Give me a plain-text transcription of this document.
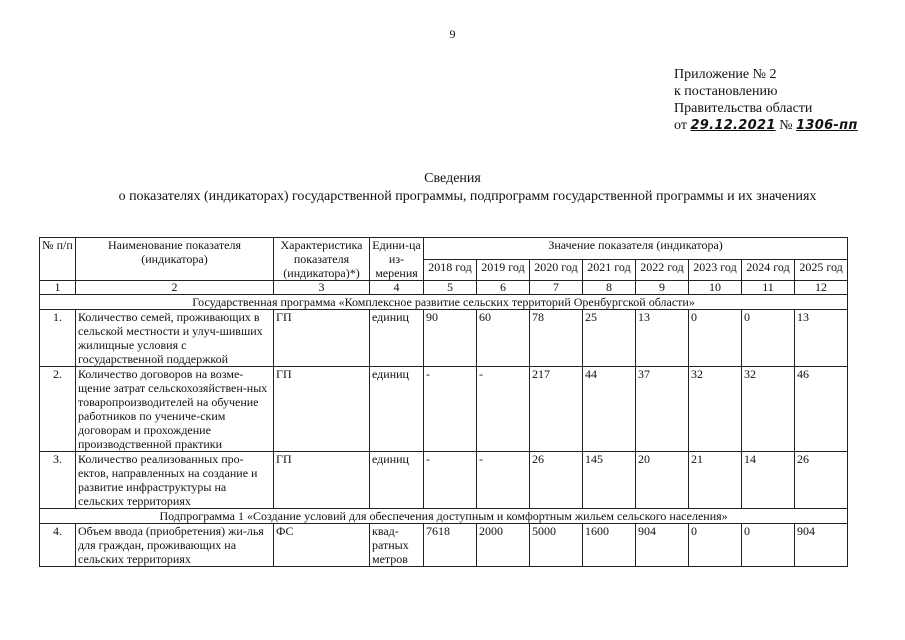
9
Приложение № 2
к постановлению
Правительства области
от 29.12.2021 № 1306-пп
Сведения
о показателях (индикаторах) государственной программы, подпрограмм государственной программы и их значениях
№ п/п	Наименование показателя (индикатора)	Характеристика показателя (индикатора)*)	Едини-ца из-мерения	Значение показателя (индикатора)							
				2018 год	2019 год	2020 год	2021 год	2022 год	2023 год	2024 год	2025 год
1	2	3	4	5	6	7	8	9	10	11	12
Государственная программа «Комплексное развитие сельских территорий Оренбургской области»											
1.	Количество семей, проживающих в сельской местности и улуч-шивших жилищные условия с государственной поддержкой	ГП	единиц	90	60	78	25	13	0	0	13
2.	Количество договоров на возме-щение затрат сельскохозяйствен-ных товаропроизводителей на обучение работников по ученичe-ским договорам и прохождение производственной практики	ГП	единиц	-	-	217	44	37	32	32	46
3.	Количество реализованных про-ектов, направленных на создание и развитие инфраструктуры на сельских территориях	ГП	единиц	-	-	26	145	20	21	14	26
Подпрограмма 1 «Создание условий для обеспечения доступным и комфортным жильем сельского населения»											
4.	Объем ввода (приобретения) жи-лья для граждан, проживающих на сельских территориях	ФС	квад-ратных метров	7618	2000	5000	1600	904	0	0	904
